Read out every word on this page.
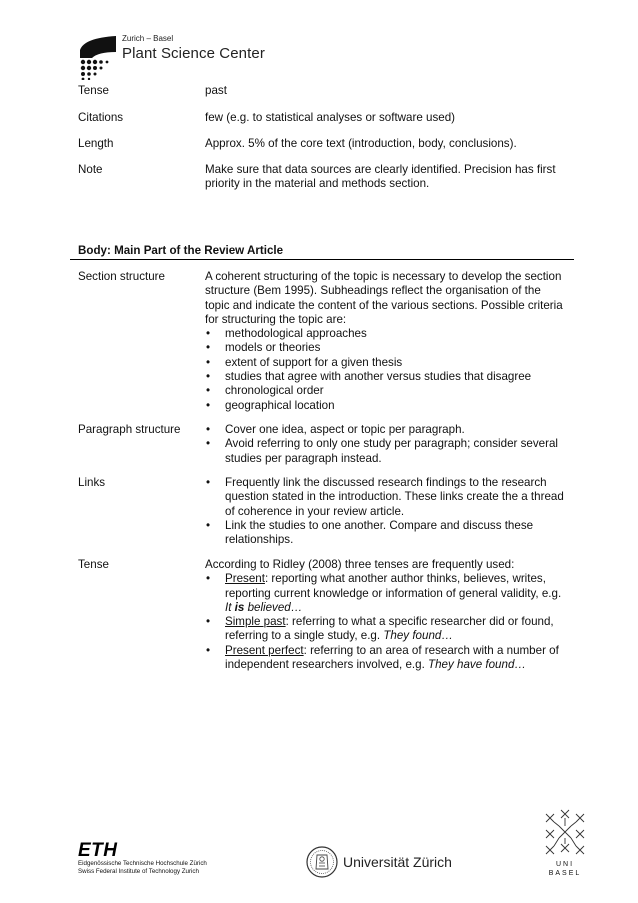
Zurich – Basel
Plant Science Center
Tense	past
Citations	few (e.g. to statistical analyses or software used)
Length	Approx. 5% of the core text (introduction, body, conclusions).
Note	Make sure that data sources are clearly identified. Precision has first priority in the material and methods section.
Body: Main Part of the Review Article
Section structure	A coherent structuring of the topic is necessary to develop the section structure (Bem 1995). Subheadings reflect the organisation of the topic and indicate the content of the various sections. Possible criteria for structuring the topic are:
• methodological approaches
• models or theories
• extent of support for a given thesis
• studies that agree with another versus studies that disagree
• chronological order
• geographical location
Paragraph structure	• Cover one idea, aspect or topic per paragraph.
• Avoid referring to only one study per paragraph; consider several studies per paragraph instead.
Links	• Frequently link the discussed research findings to the research question stated in the introduction. These links create the a thread of coherence in your review article.
• Link the studies to one another. Compare and discuss these relationships.
Tense	According to Ridley (2008) three tenses are frequently used:
• Present: reporting what another author thinks, believes, writes, reporting current knowledge or information of general validity, e.g. It is believed…
• Simple past: referring to what a specific researcher did or found, referring to a single study, e.g. They found…
• Present perfect: referring to an area of research with a number of independent researchers involved, e.g. They have found…
ETH
Eidgenössische Technische Hochschule Zürich
Swiss Federal Institute of Technology Zurich
Universität Zürich	UNI
BASEL
